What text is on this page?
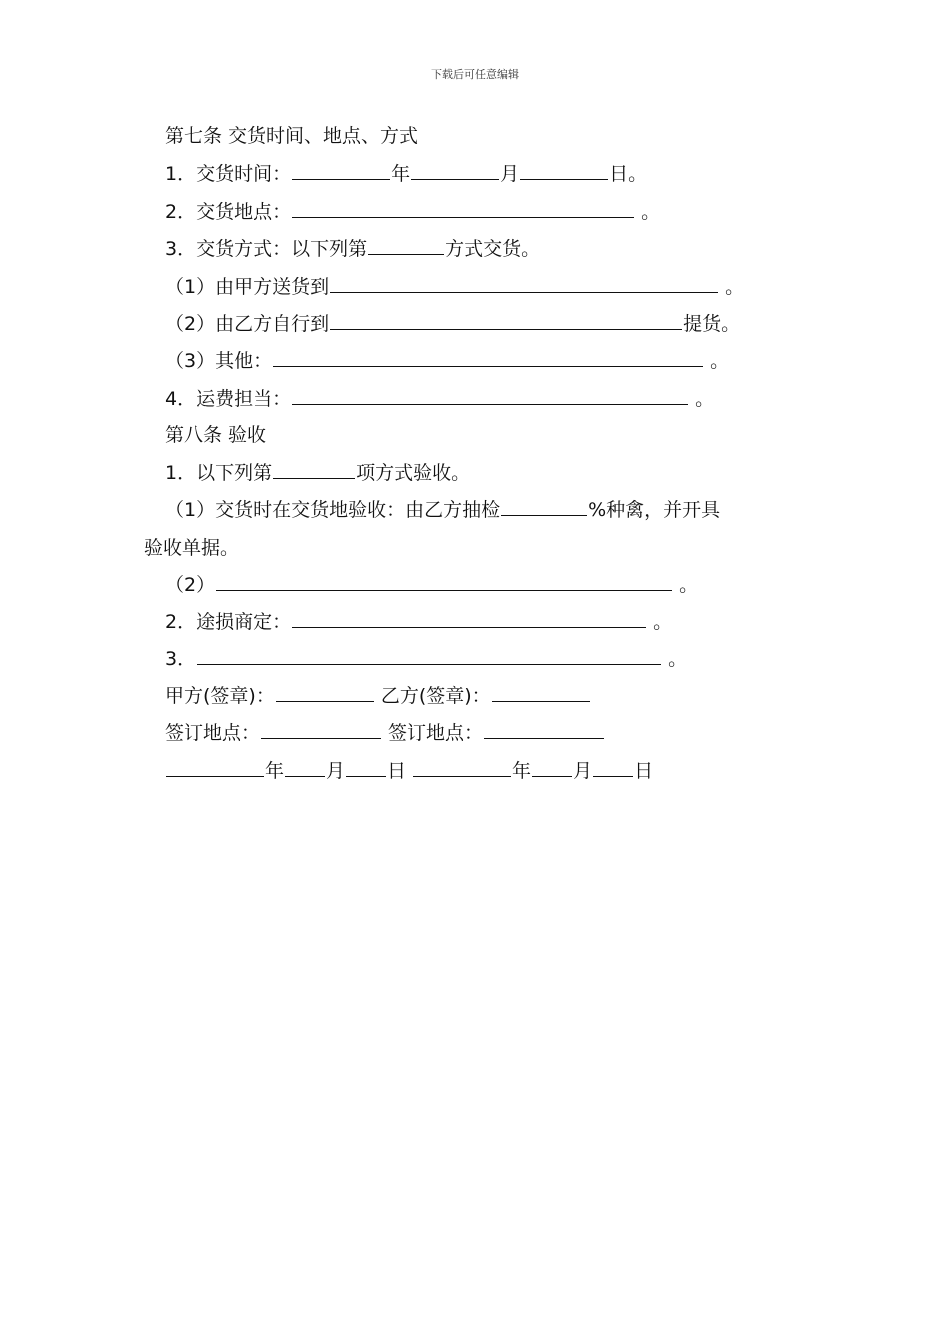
下载后可任意编辑
第七条 交货时间、地点、方式
1．交货时间：	年	月	日。
2．交货地点：	。
3．交货方式：以下列第	方式交货。
（1）由甲方送货到	。
（2）由乙方自行到	提货。
（3）其他：	。
4．运费担当：	。
第八条 验收
1．以下列第	项方式验收。
（1）交货时在交货地验收：由乙方抽检	%种禽，并开具
验收单据。
（2）	。
2．途损商定：	。
3．	。
甲方(签章)：	乙方(签章)：
签订地点：	签订地点：
年 月 日	年 月 日
